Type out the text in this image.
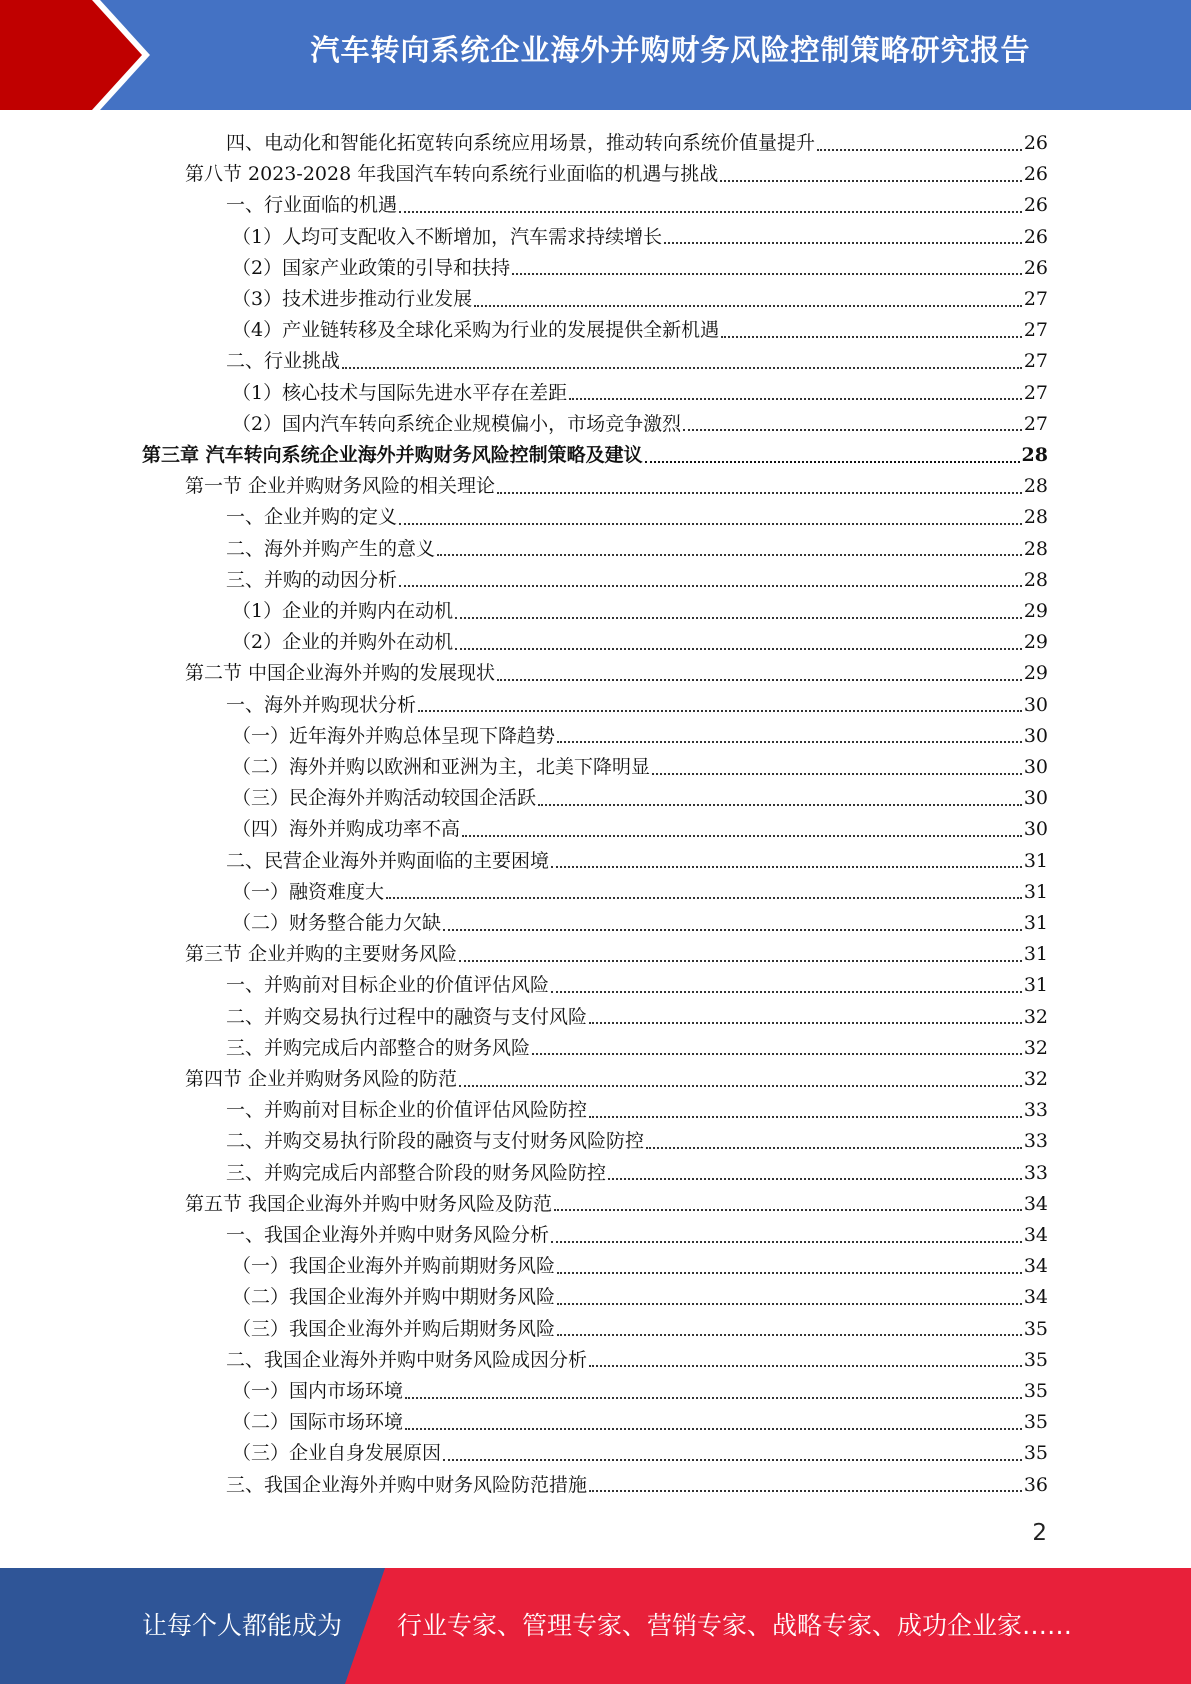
汽车转向系统企业海外并购财务风险控制策略研究报告
四、电动化和智能化拓宽转向系统应用场景，推动转向系统价值量提升	26
第八节 2023-2028 年我国汽车转向系统行业面临的机遇与挑战	26
一、行业面临的机遇	26
（1）人均可支配收入不断增加，汽车需求持续增长	26
（2）国家产业政策的引导和扶持	26
（3）技术进步推动行业发展	27
（4）产业链转移及全球化采购为行业的发展提供全新机遇	27
二、行业挑战	27
（1）核心技术与国际先进水平存在差距	27
（2）国内汽车转向系统企业规模偏小，市场竞争激烈	27
第三章 汽车转向系统企业海外并购财务风险控制策略及建议	28
第一节 企业并购财务风险的相关理论	28
一、企业并购的定义	28
二、海外并购产生的意义	28
三、并购的动因分析	28
（1）企业的并购内在动机	29
（2）企业的并购外在动机	29
第二节 中国企业海外并购的发展现状	29
一、海外并购现状分析	30
（一）近年海外并购总体呈现下降趋势	30
（二）海外并购以欧洲和亚洲为主，北美下降明显	30
（三）民企海外并购活动较国企活跃	30
（四）海外并购成功率不高	30
二、民营企业海外并购面临的主要困境	31
（一）融资难度大	31
（二）财务整合能力欠缺	31
第三节 企业并购的主要财务风险	31
一、并购前对目标企业的价值评估风险	31
二、并购交易执行过程中的融资与支付风险	32
三、并购完成后内部整合的财务风险	32
第四节 企业并购财务风险的防范	32
一、并购前对目标企业的价值评估风险防控	33
二、并购交易执行阶段的融资与支付财务风险防控	33
三、并购完成后内部整合阶段的财务风险防控	33
第五节 我国企业海外并购中财务风险及防范	34
一、我国企业海外并购中财务风险分析	34
（一）我国企业海外并购前期财务风险	34
（二）我国企业海外并购中期财务风险	34
（三）我国企业海外并购后期财务风险	35
二、我国企业海外并购中财务风险成因分析	35
（一）国内市场环境	35
（二）国际市场环境	35
（三）企业自身发展原因	35
三、我国企业海外并购中财务风险防范措施	36
2
让每个人都能成为 行业专家、管理专家、营销专家、战略专家、成功企业家……
